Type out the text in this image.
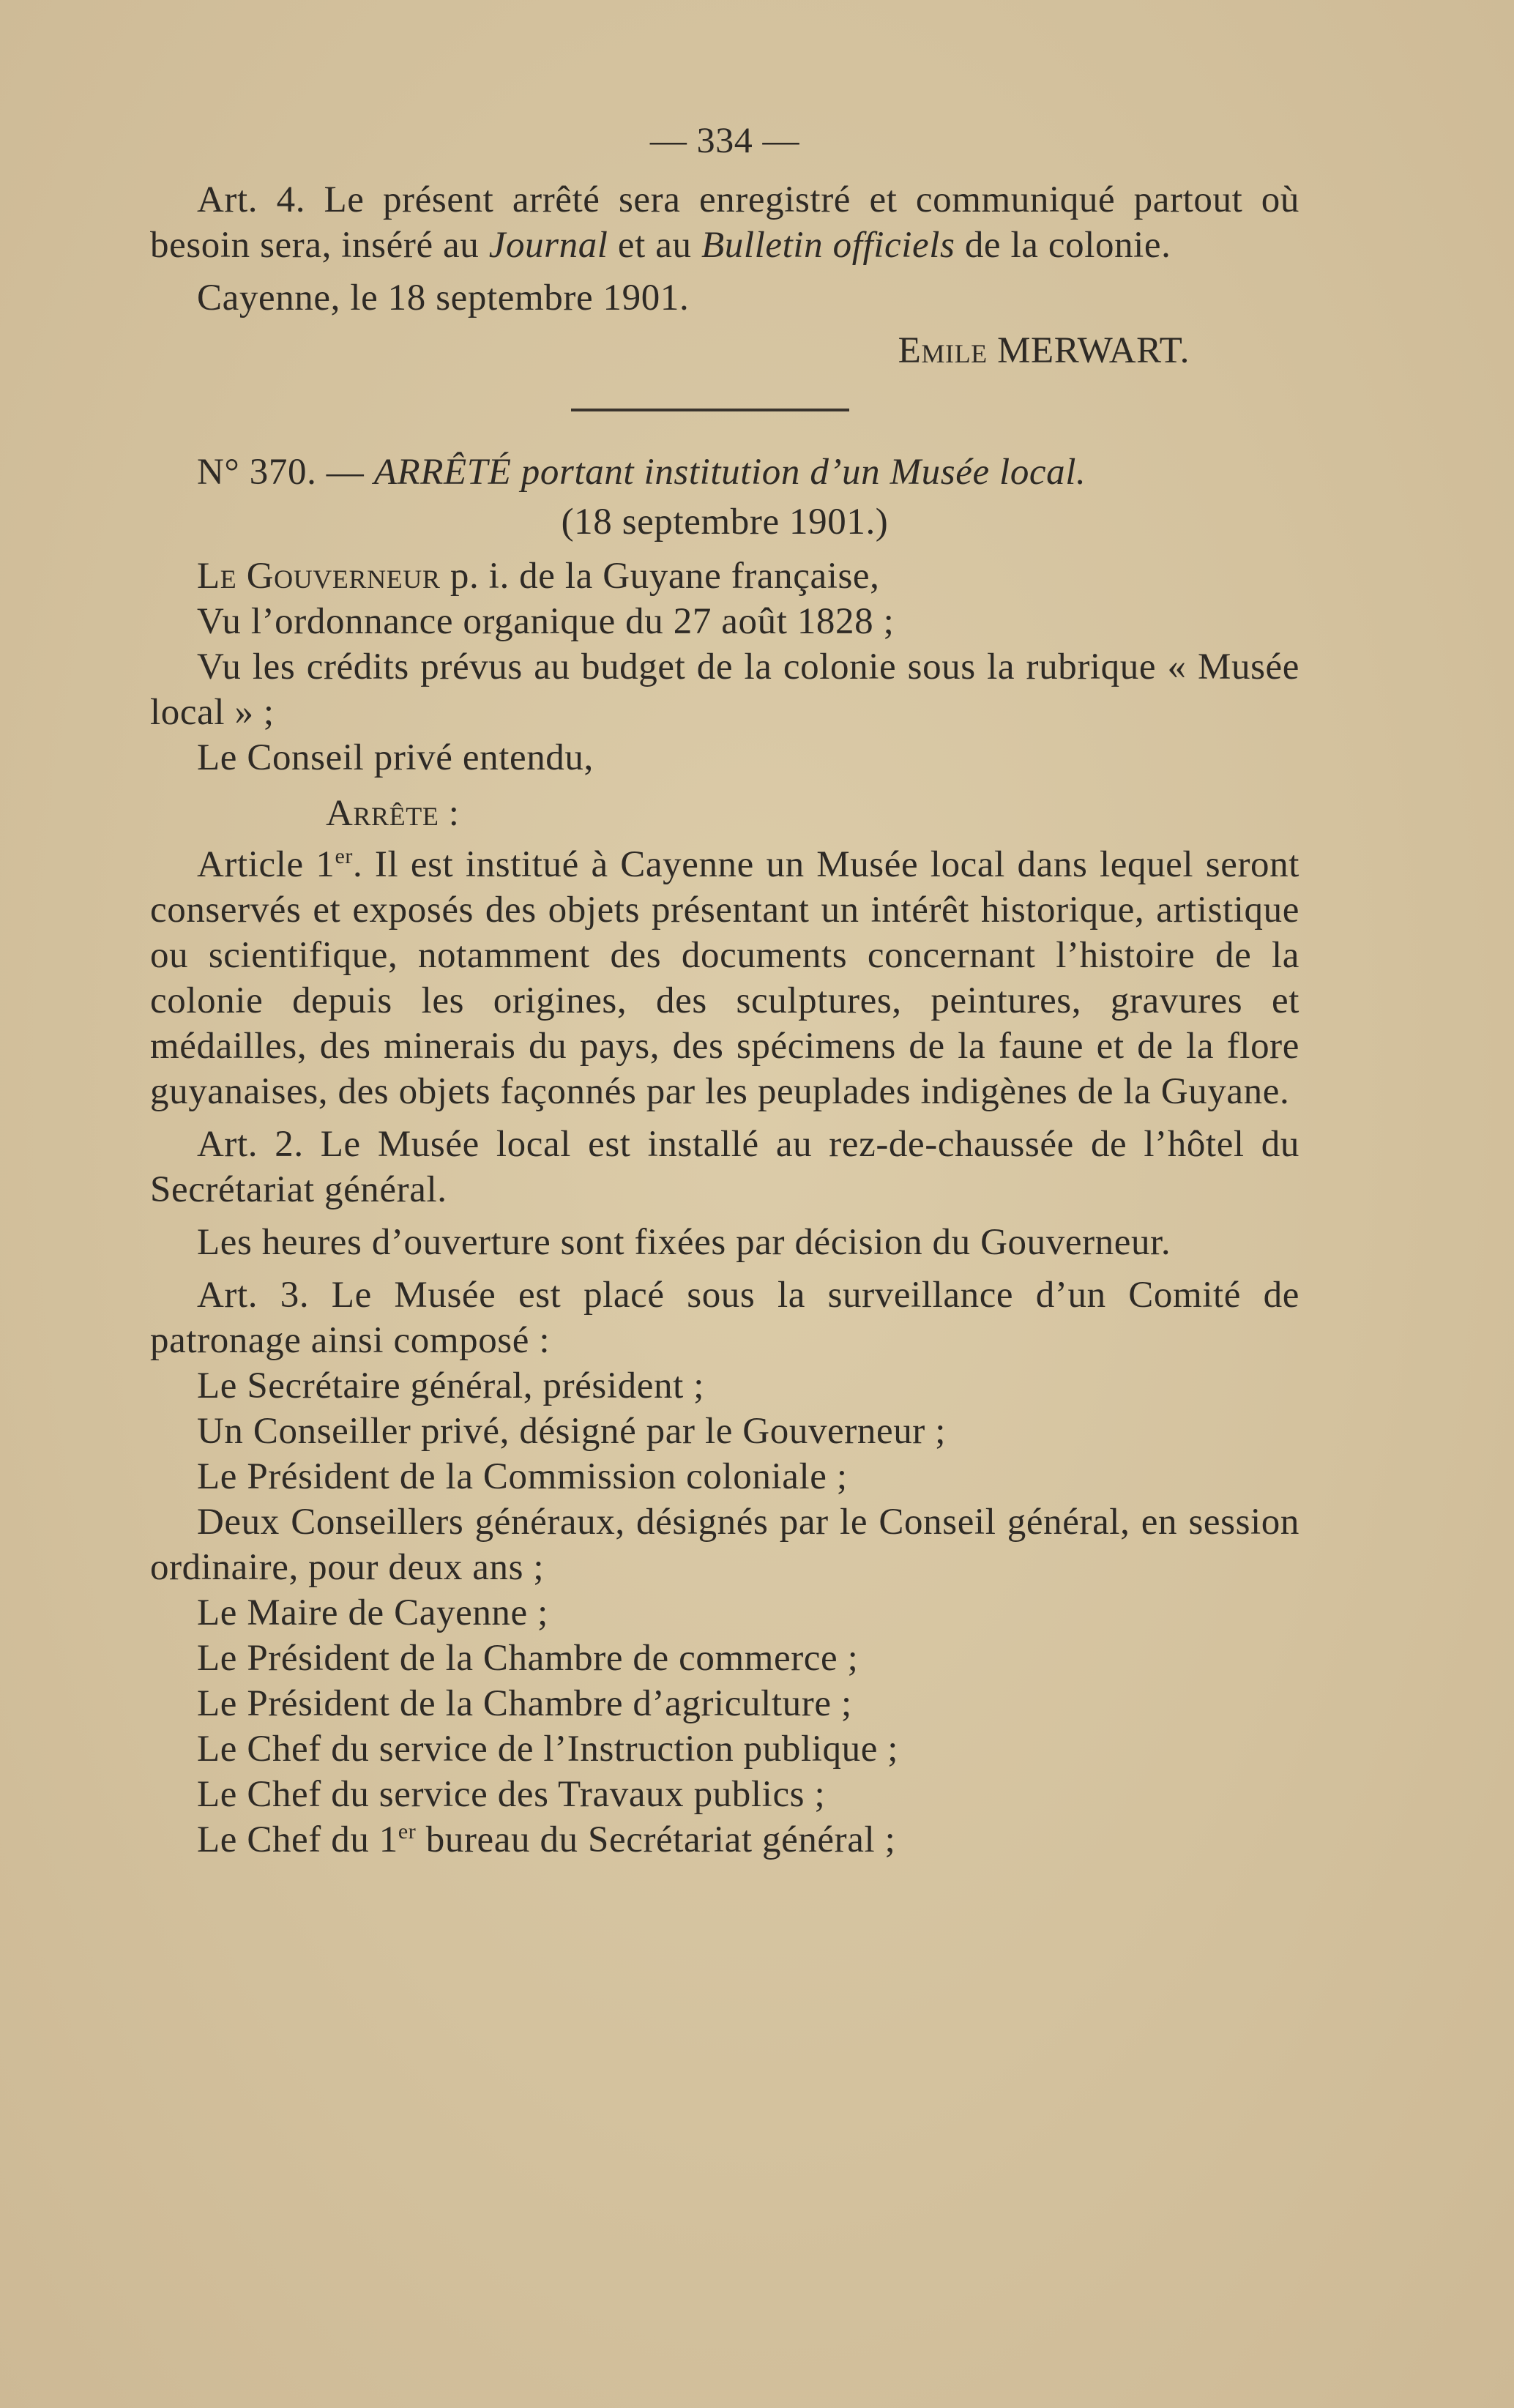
— 334 —

Art. 4. Le présent arrêté sera enregistré et communiqué partout où besoin sera, inséré au Journal et au Bulletin officiels de la colonie.

Cayenne, le 18 septembre 1901.

Emile MERWART.

N° 370. — ARRÊTÉ portant institution d’un Musée local.

(18 septembre 1901.)

Le Gouverneur p. i. de la Guyane française,

Vu l’ordonnance organique du 27 août 1828 ;

Vu les crédits prévus au budget de la colonie sous la rubrique « Musée local » ;

Le Conseil privé entendu,

Arrête :

Article 1er. Il est institué à Cayenne un Musée local dans lequel seront conservés et exposés des objets présentant un intérêt historique, artistique ou scientifique, notamment des documents concernant l’histoire de la colonie depuis les origines, des sculptures, peintures, gravures et médailles, des minerais du pays, des spécimens de la faune et de la flore guyanaises, des objets façonnés par les peuplades indigènes de la Guyane.

Art. 2. Le Musée local est installé au rez-de-chaussée de l’hôtel du Secrétariat général.

Les heures d’ouverture sont fixées par décision du Gouverneur.

Art. 3. Le Musée est placé sous la surveillance d’un Comité de patronage ainsi composé :

Le Secrétaire général, président ;

Un Conseiller privé, désigné par le Gouverneur ;

Le Président de la Commission coloniale ;

Deux Conseillers généraux, désignés par le Conseil général, en session ordinaire, pour deux ans ;

Le Maire de Cayenne ;

Le Président de la Chambre de commerce ;

Le Président de la Chambre d’agriculture ;

Le Chef du service de l’Instruction publique ;

Le Chef du service des Travaux publics ;

Le Chef du 1er bureau du Secrétariat général ;
